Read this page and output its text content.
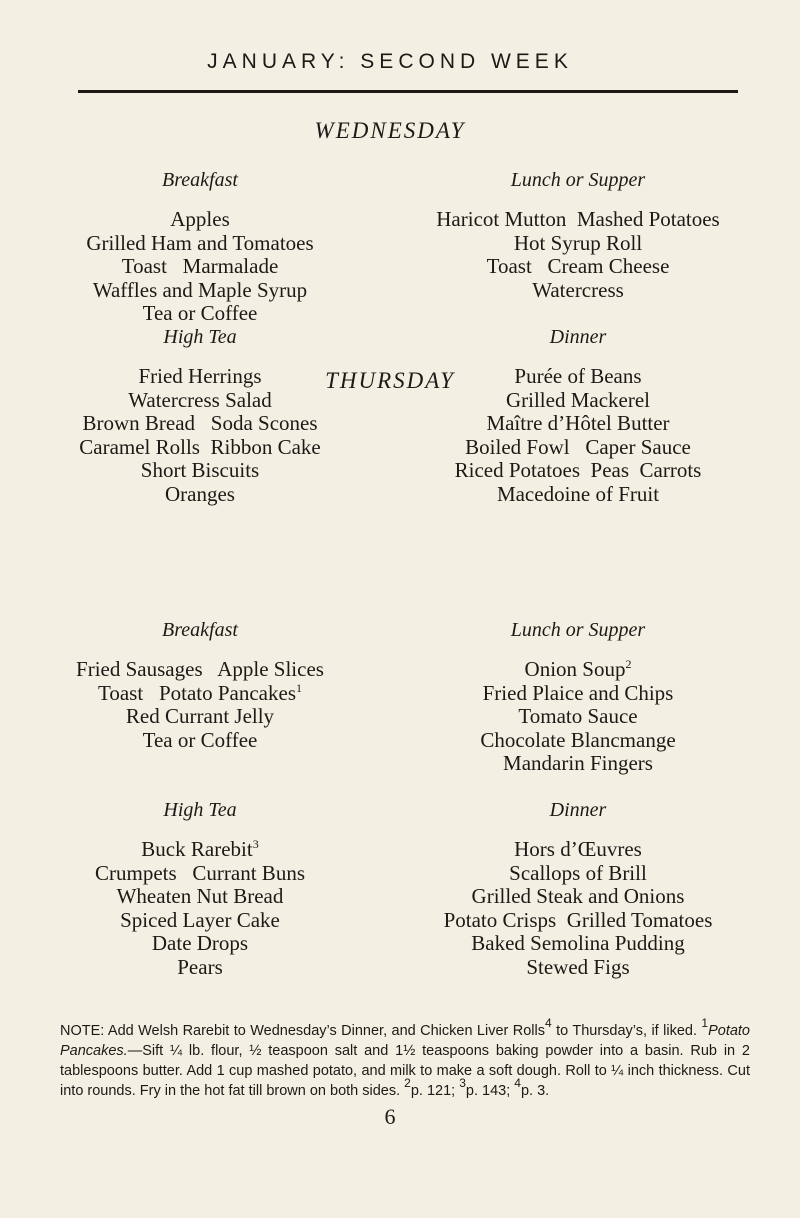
JANUARY: SECOND WEEK
WEDNESDAY
Breakfast
Apples
Grilled Ham and Tomatoes
Toast   Marmalade
Waffles and Maple Syrup
Tea or Coffee
Lunch or Supper
Haricot Mutton  Mashed Potatoes
Hot Syrup Roll
Toast   Cream Cheese
Watercress
High Tea
Fried Herrings
Watercress Salad
Brown Bread   Soda Scones
Caramel Rolls  Ribbon Cake
Short Biscuits
Oranges
Dinner
Purée of Beans
Grilled Mackerel
Maître d’Hôtel Butter
Boiled Fowl   Caper Sauce
Riced Potatoes  Peas  Carrots
Macedoine of Fruit
THURSDAY
Breakfast
Fried Sausages   Apple Slices
Toast   Potato Pancakes$^1$
Red Currant Jelly
Tea or Coffee
Lunch or Supper
Onion Soup$^2$
Fried Plaice and Chips
Tomato Sauce
Chocolate Blancmange
Mandarin Fingers
High Tea
Buck Rarebit$^3$
Crumpets   Currant Buns
Wheaten Nut Bread
Spiced Layer Cake
Date Drops
Pears
Dinner
Hors d’Œuvres
Scallops of Brill
Grilled Steak and Onions
Potato Crisps  Grilled Tomatoes
Baked Semolina Pudding
Stewed Figs

NOTE: Add Welsh Rarebit to Wednesday’s Dinner, and Chicken Liver Rolls$^4$ to Thursday’s, if liked. $^1$Potato Pancakes.—Sift ¼ lb. flour, ½ teaspoon salt and 1½ teaspoons baking powder into a basin. Rub in 2 tablespoons butter. Add 1 cup mashed potato, and milk to make a soft dough. Roll to ¼ inch thickness. Cut into rounds. Fry in the hot fat till brown on both sides. $^2$p. 121; $^3$p. 143; $^4$p. 3.

6
